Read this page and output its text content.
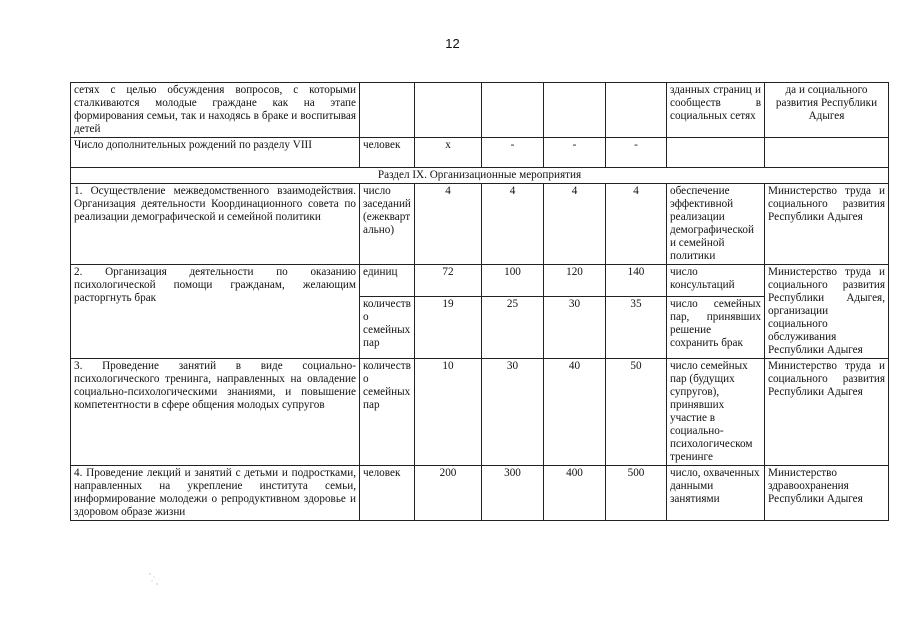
12
сетях с целью обсуждения вопросов, с которыми сталкиваются молодые граждане как на этапе формирования семьи, так и находясь в браке и воспитывая детей						зданных страниц и сообществ в социальных сетях	да и социального развития Республики Адыгея
Число дополнительных рождений по разделу VIII	человек	x	-	-	-		
Раздел IX. Организационные мероприятия							
1. Осуществление межведомственного взаимодействия. Организация деятельности Координационного совета по реализации демографической и семейной политики	число заседаний (ежеквартально)	4	4	4	4	обеспечение эффективной реализации демографической и семейной политики	Министерство труда и социального развития Республики Адыгея
2. Организация деятельности по оказанию психологической помощи гражданам, желающим расторгнуть брак	единиц	72	100	120	140	число консультаций	Министерство труда и социального развития Республики Адыгея, организации социального обслуживания Республики Адыгея
	количество семейных пар	19	25	30	35	число семейных пар, принявших решение сохранить брак	
3. Проведение занятий в виде социально-психологического тренинга, направленных на овладение социально-психологическими знаниями, и повышение компетентности в сфере общения молодых супругов	количество семейных пар	10	30	40	50	число семейных пар (будущих супругов), принявших участие в социально-психологическом тренинге	Министерство труда и социального развития Республики Адыгея
4. Проведение лекций и занятий с детьми и подростками, направленных на укрепление института семьи, информирование молодежи о репродуктивном здоровье и здоровом образе жизни	человек	200	300	400	500	число, охваченных данными занятиями	Министерство здравоохранения Республики Адыгея
